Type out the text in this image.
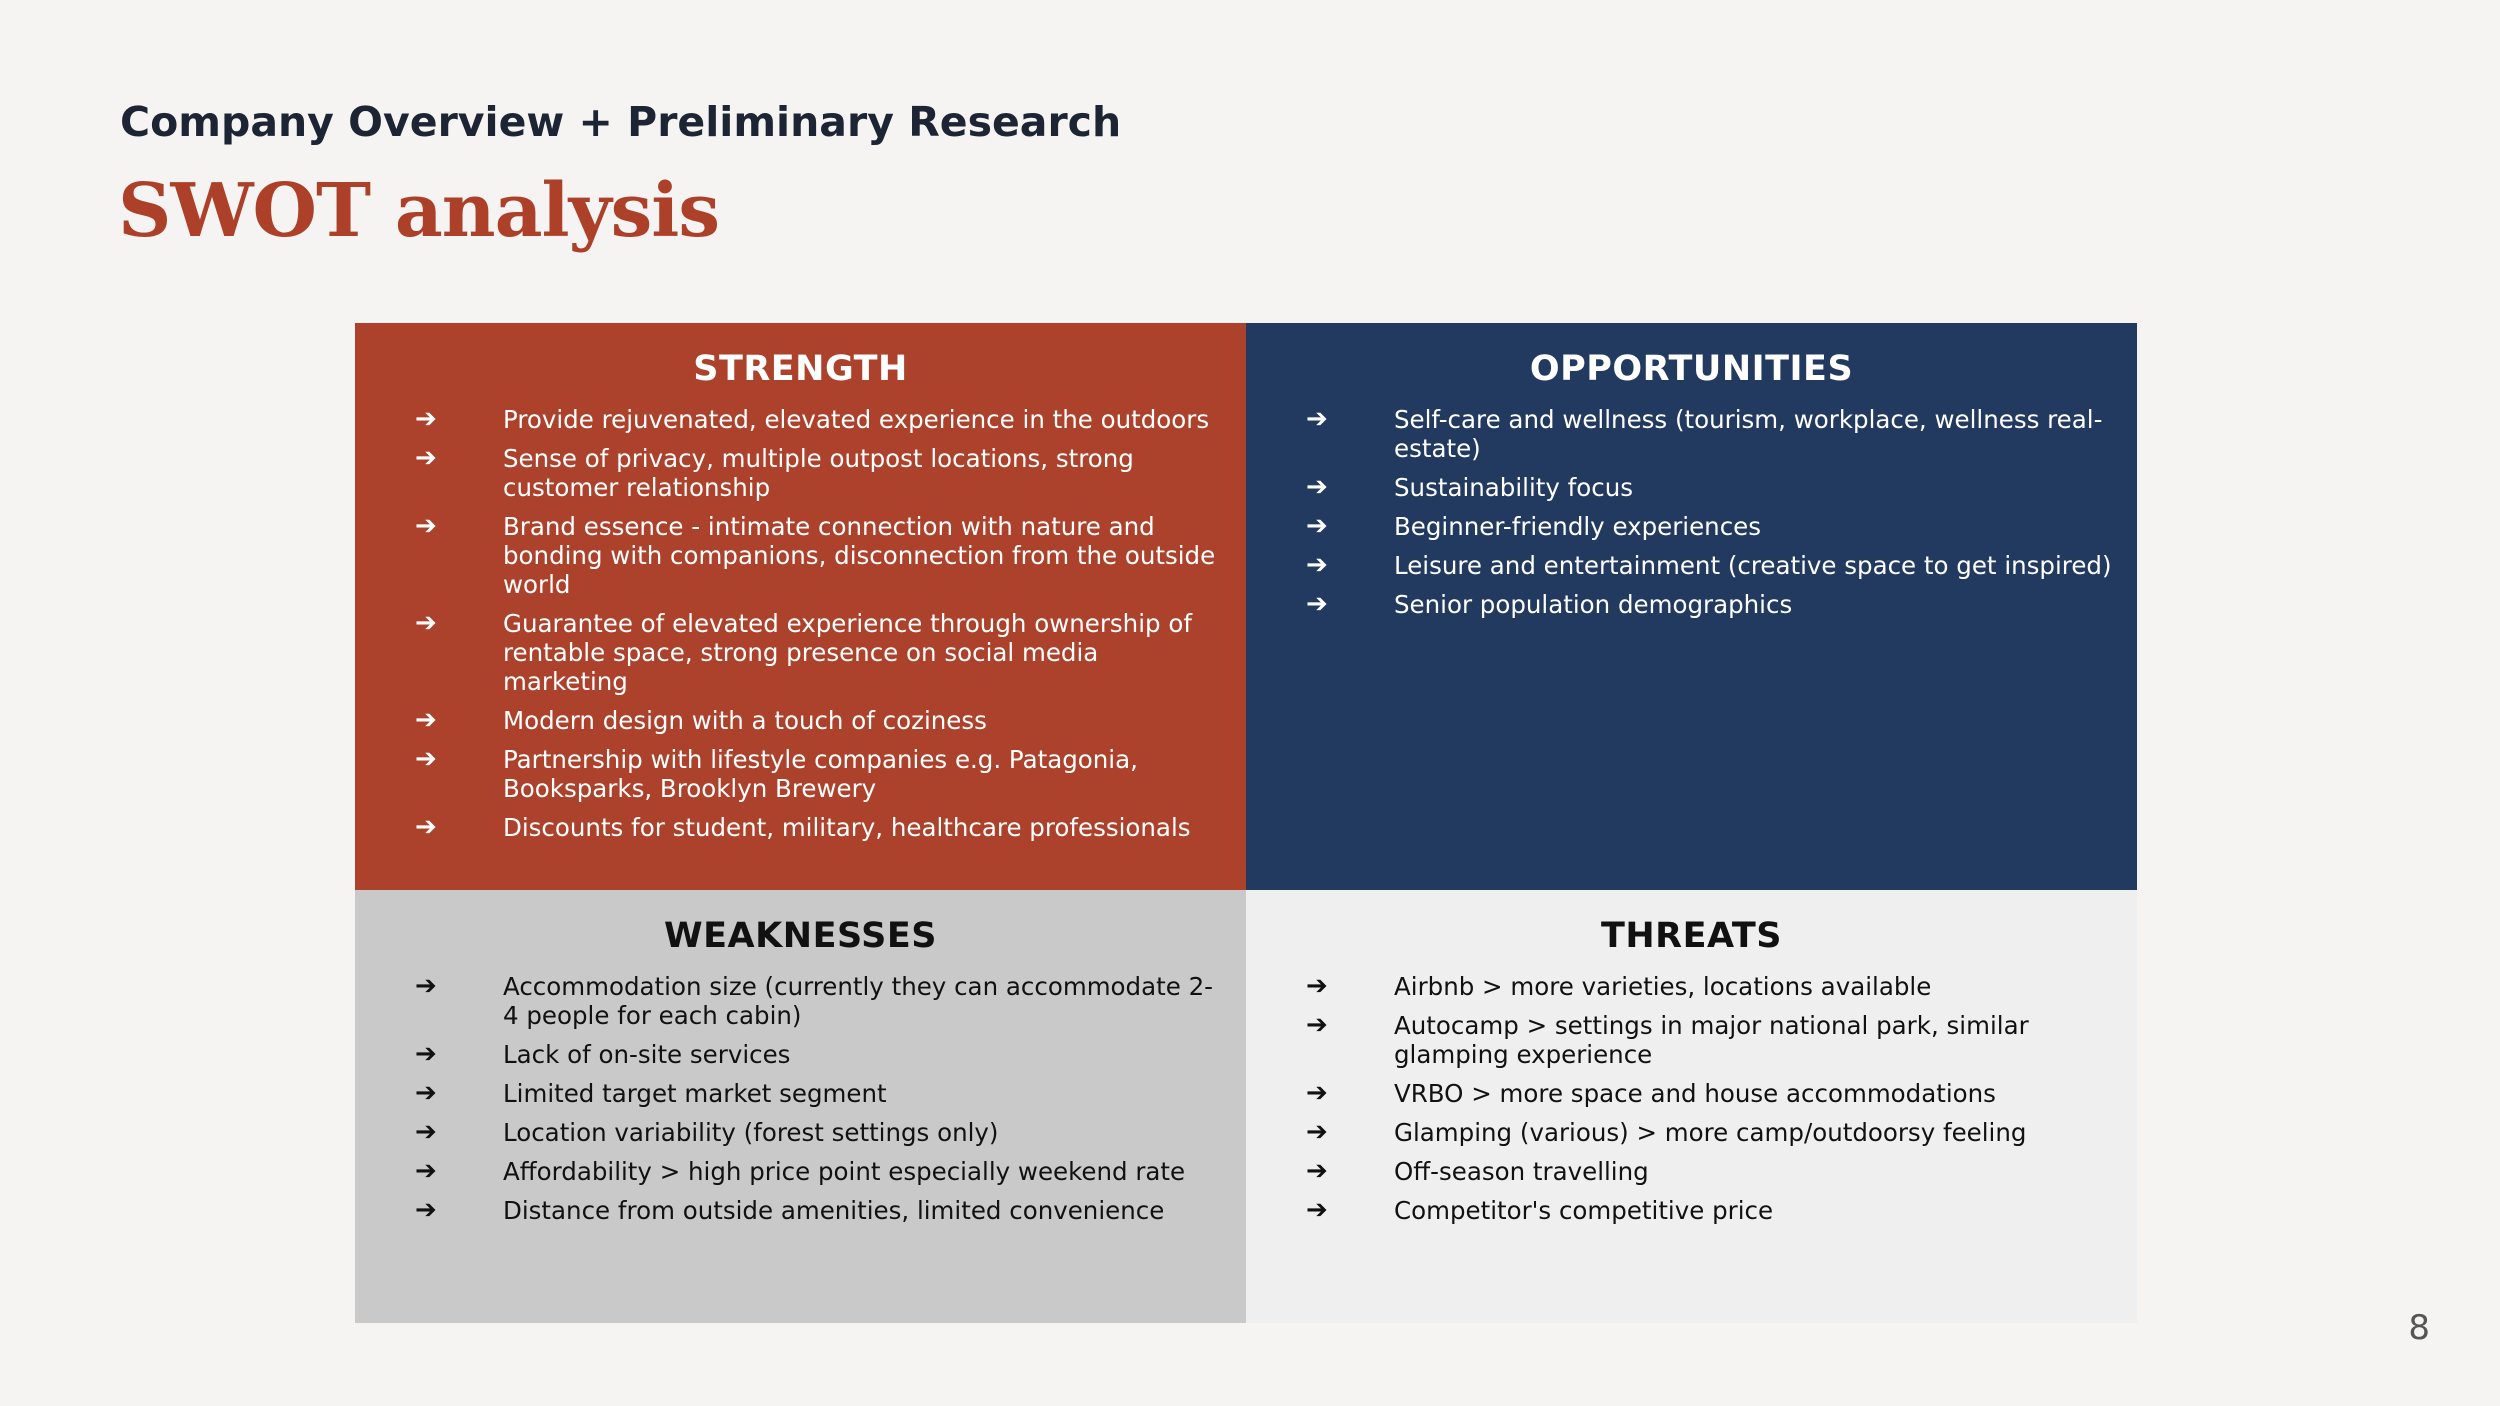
Company Overview + Preliminary Research
SWOT analysis
STRENGTH
➔	Provide rejuvenated, elevated experience in the outdoors
➔	Sense of privacy, multiple outpost locations, strong customer relationship
➔	Brand essence - intimate connection with nature and bonding with companions, disconnection from the outside world
➔	Guarantee of elevated experience through ownership of rentable space, strong presence on social media marketing
➔	Modern design with a touch of coziness
➔	Partnership with lifestyle companies e.g. Patagonia, Booksparks, Brooklyn Brewery
➔	Discounts for student, military, healthcare professionals
OPPORTUNITIES
➔	Self-care and wellness (tourism, workplace, wellness real-estate)
➔	Sustainability focus
➔	Beginner-friendly experiences
➔	Leisure and entertainment (creative space to get inspired)
➔	Senior population demographics
WEAKNESSES
➔	Accommodation size (currently they can accommodate 2-4 people for each cabin)
➔	Lack of on-site services
➔	Limited target market segment
➔	Location variability (forest settings only)
➔	Affordability > high price point especially weekend rate
➔	Distance from outside amenities, limited convenience
THREATS
➔	Airbnb > more varieties, locations available
➔	Autocamp > settings in major national park, similar glamping experience
➔	VRBO > more space and house accommodations
➔	Glamping (various) > more camp/outdoorsy feeling
➔	Off-season travelling
➔	Competitor's competitive price
8
